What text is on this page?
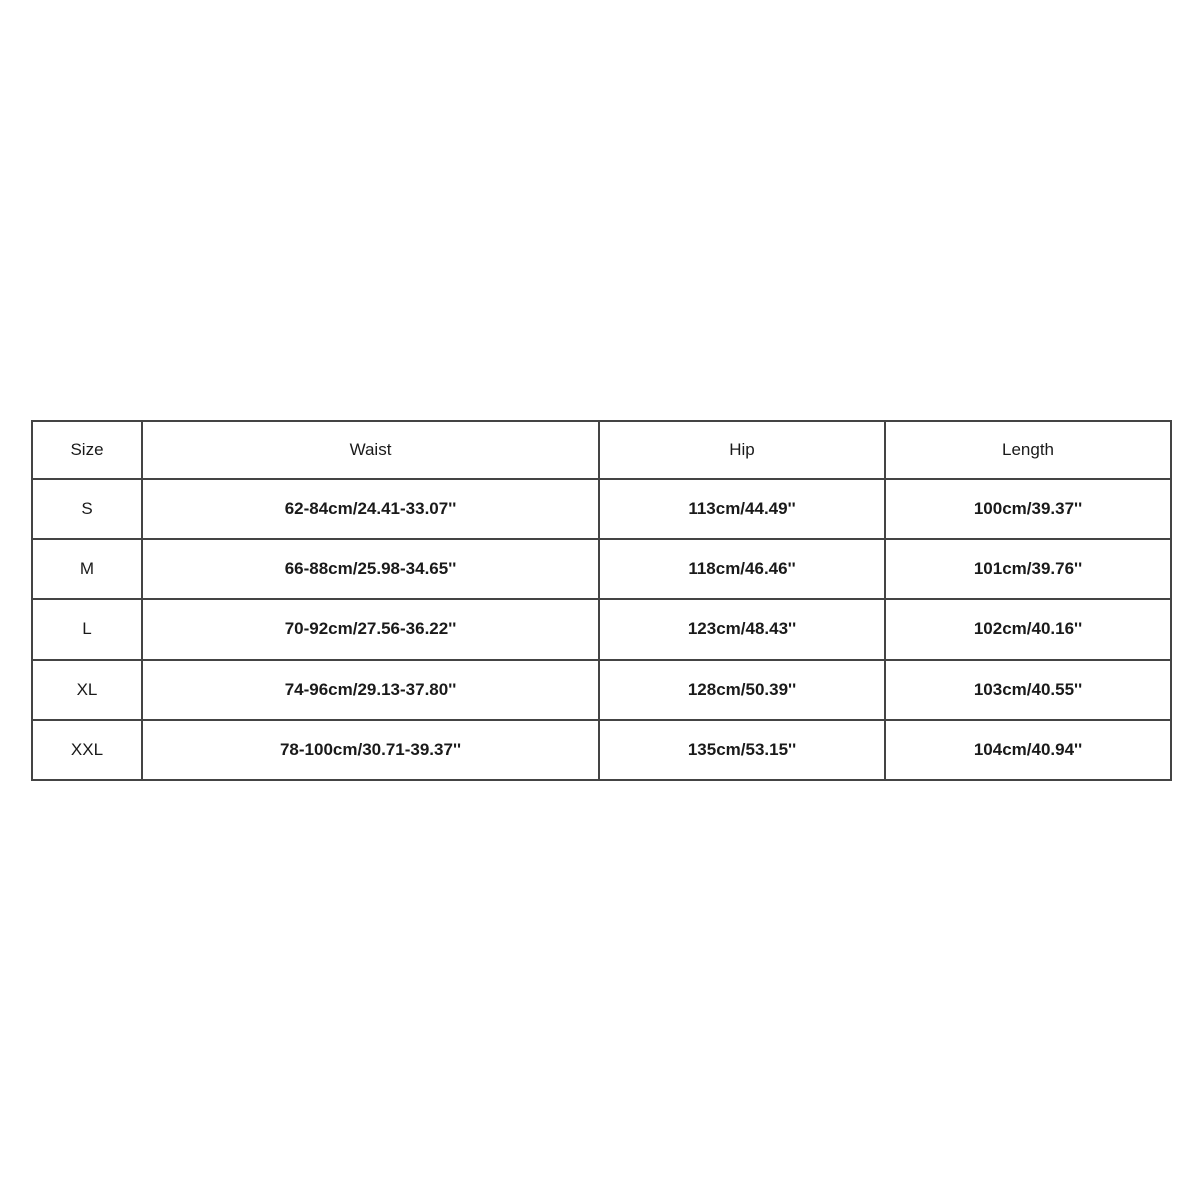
Size	Waist	Hip	Length
S	62-84cm/24.41-33.07''	113cm/44.49''	100cm/39.37''
M	66-88cm/25.98-34.65''	118cm/46.46''	101cm/39.76''
L	70-92cm/27.56-36.22''	123cm/48.43''	102cm/40.16''
XL	74-96cm/29.13-37.80''	128cm/50.39''	103cm/40.55''
XXL	78-100cm/30.71-39.37''	135cm/53.15''	104cm/40.94''
